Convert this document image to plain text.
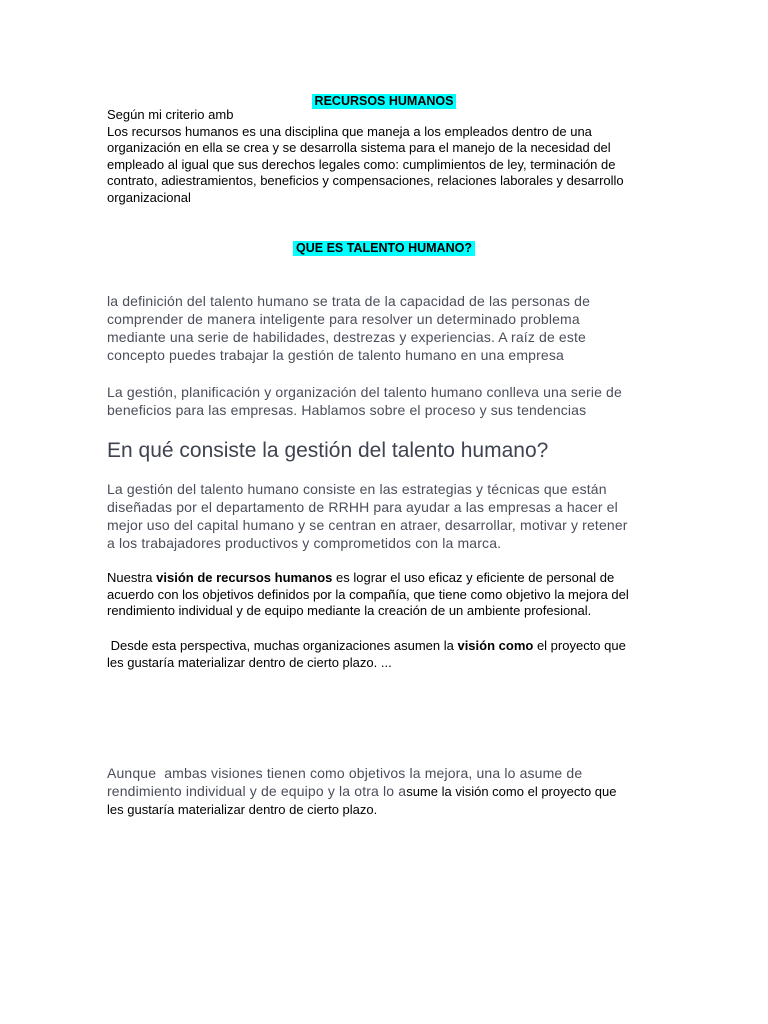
RECURSOS HUMANOS
Según mi criterio amb
Los recursos humanos es una disciplina que maneja a los empleados dentro de una
organización en ella se crea y se desarrolla sistema para el manejo de la necesidad del
empleado al igual que sus derechos legales como: cumplimientos de ley, terminación de
contrato, adiestramientos, beneficios y compensaciones, relaciones laborales y desarrollo
organizacional
QUE ES TALENTO HUMANO?
la definición del talento humano se trata de la capacidad de las personas de
comprender de manera inteligente para resolver un determinado problema
mediante una serie de habilidades, destrezas y experiencias. A raíz de este
concepto puedes trabajar la gestión de talento humano en una empresa
La gestión, planificación y organización del talento humano conlleva una serie de
beneficios para las empresas. Hablamos sobre el proceso y sus tendencias
En qué consiste la gestión del talento humano?
La gestión del talento humano consiste en las estrategias y técnicas que están
diseñadas por el departamento de RRHH para ayudar a las empresas a hacer el
mejor uso del capital humano y se centran en atraer, desarrollar, motivar y retener
a los trabajadores productivos y comprometidos con la marca.
Nuestra visión de recursos humanos es lograr el uso eficaz y eficiente de personal de
acuerdo con los objetivos definidos por la compañía, que tiene como objetivo la mejora del
rendimiento individual y de equipo mediante la creación de un ambiente profesional.
Desde esta perspectiva, muchas organizaciones asumen la visión como el proyecto que
les gustaría materializar dentro de cierto plazo. ...
Aunque  ambas visiones tienen como objetivos la mejora, una lo asume de
rendimiento individual y de equipo y la otra lo asume la visión como el proyecto que
les gustaría materializar dentro de cierto plazo.
